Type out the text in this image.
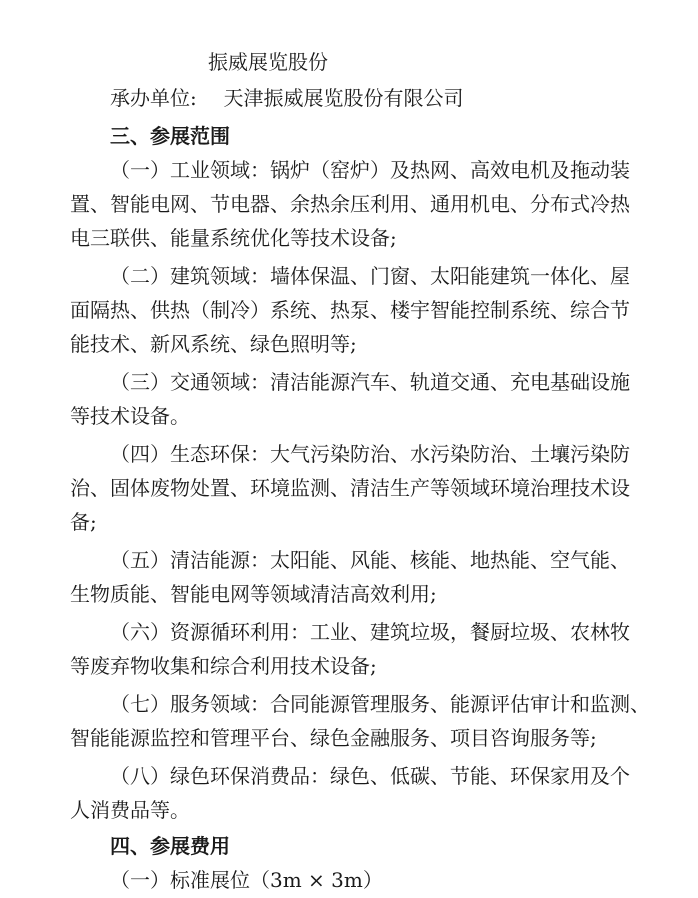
振威展览股份
承办单位: 天津振威展览股份有限公司
三、参展范围
（一）工业领域：锅炉（窑炉）及热网、高效电机及拖动装
置、智能电网、节电器、余热余压利用、通用机电、分布式冷热
电三联供、能量系统优化等技术设备;
（二）建筑领域：墙体保温、门窗、太阳能建筑一体化、屋
面隔热、供热（制冷）系统、热泵、楼宇智能控制系统、综合节
能技术、新风系统、绿色照明等;
（三）交通领域：清洁能源汽车、轨道交通、充电基础设施
等技术设备。
（四）生态环保：大气污染防治、水污染防治、土壤污染防
治、固体废物处置、环境监测、清洁生产等领域环境治理技术设
备;
（五）清洁能源：太阳能、风能、核能、地热能、空气能、
生物质能、智能电网等领域清洁高效利用;
（六）资源循环利用：工业、建筑垃圾，餐厨垃圾、农林牧
等废弃物收集和综合利用技术设备;
（七）服务领域：合同能源管理服务、能源评估审计和监测、
智能能源监控和管理平台、绿色金融服务、项目咨询服务等;
（八）绿色环保消费品：绿色、低碳、节能、环保家用及个
人消费品等。
四、参展费用
（一）标准展位（3m × 3m）
